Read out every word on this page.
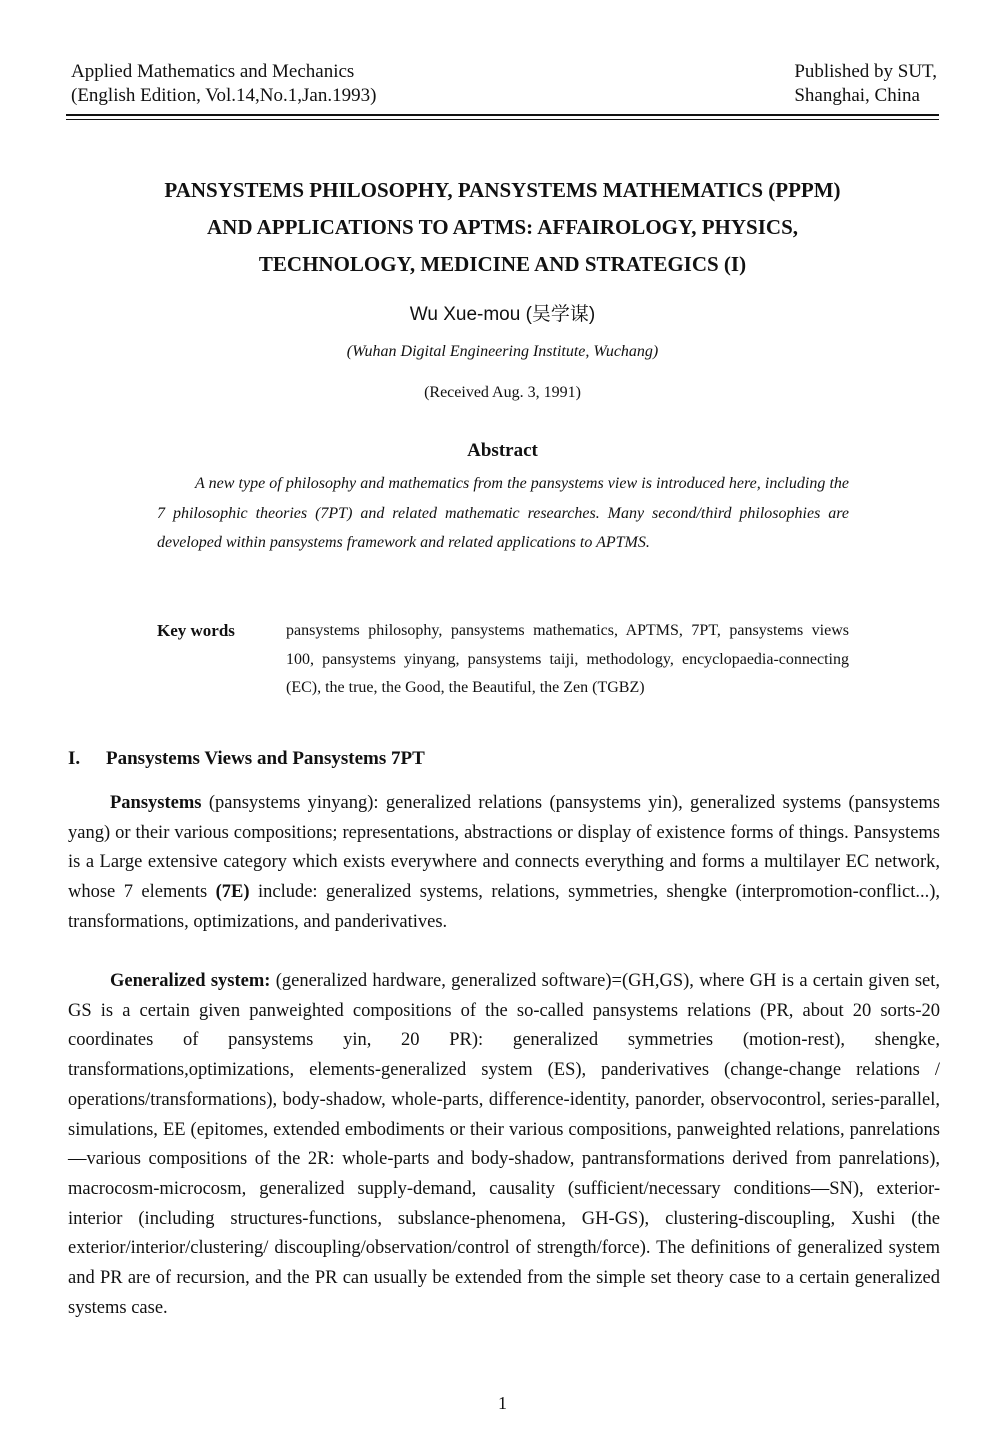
Applied Mathematics and Mechanics
(English Edition, Vol.14,No.1,Jan.1993)
Published by SUT,
Shanghai, China
PANSYSTEMS PHILOSOPHY, PANSYSTEMS MATHEMATICS (PPPM)
AND APPLICATIONS TO APTMS: AFFAIROLOGY, PHYSICS,
TECHNOLOGY, MEDICINE AND STRATEGICS (I)
Wu Xue-mou (吴学谋)
(Wuhan Digital Engineering Institute, Wuchang)
(Received Aug. 3, 1991)
Abstract
A new type of philosophy and mathematics from the pansystems view is introduced here, including the 7 philosophic theories (7PT) and related mathematic researches. Many second/third philosophies are developed within pansystems framework and related applications to APTMS.
Key words	pansystems philosophy, pansystems mathematics, APTMS, 7PT, pansystems views 100, pansystems yinyang, pansystems taiji, methodology, encyclopaedia-connecting (EC), the true, the Good, the Beautiful, the Zen (TGBZ)
I. Pansystems Views and Pansystems 7PT
Pansystems (pansystems yinyang): generalized relations (pansystems yin), generalized systems (pansystems yang) or their various compositions; representations, abstractions or display of existence forms of things. Pansystems is a Large extensive category which exists everywhere and connects everything and forms a multilayer EC network, whose 7 elements (7E) include: generalized systems, relations, symmetries, shengke (interpromotion-conflict...), transformations, optimizations, and panderivatives.
Generalized system: (generalized hardware, generalized software)=(GH,GS), where GH is a certain given set, GS is a certain given panweighted compositions of the so-called pansystems relations (PR, about 20 sorts-20 coordinates of pansystems yin, 20 PR): generalized symmetries (motion-rest), shengke, transformations,optimizations, elements-generalized system (ES), panderivatives (change-change relations / operations/transformations), body-shadow, whole-parts, difference-identity, panorder, observocontrol, series-parallel, simulations, EE (epitomes, extended embodiments or their various compositions, panweighted relations, panrelations—various compositions of the 2R: whole-parts and body-shadow, pantransformations derived from panrelations), macrocosm-microcosm, generalized supply-demand, causality (sufficient/necessary conditions—SN), exterior-interior (including structures-functions, subslance-phenomena, GH-GS), clustering-discoupling, Xushi (the exterior/interior/clustering/ discoupling/observation/control of strength/force). The definitions of generalized system and PR are of recursion, and the PR can usually be extended from the simple set theory case to a certain generalized systems case.
1
